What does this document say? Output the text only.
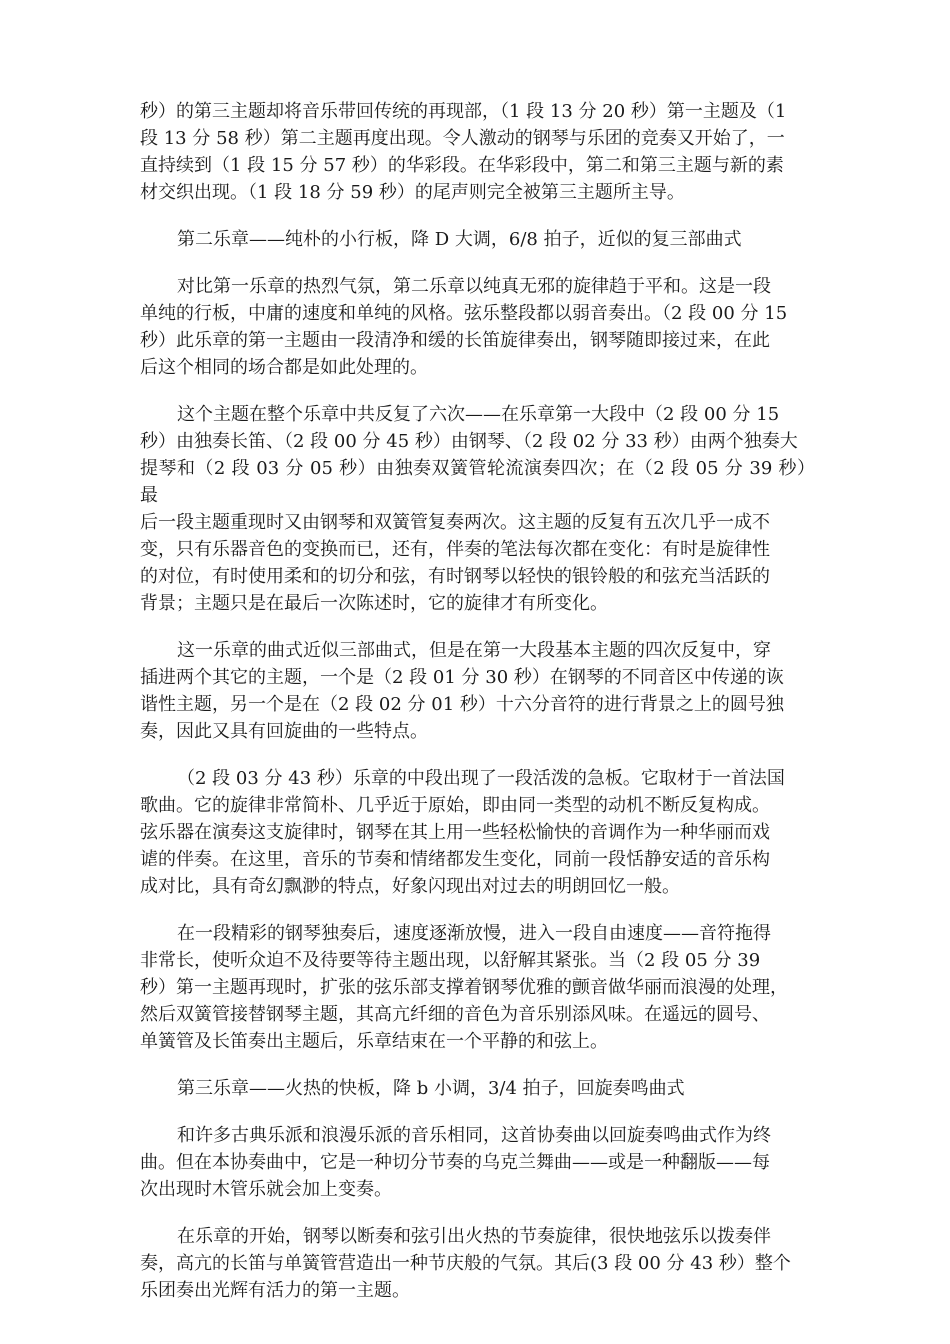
秒）的第三主题却将音乐带回传统的再现部，（1 段 13 分 20 秒）第一主题及（1
段 13 分 58 秒）第二主题再度出现。令人激动的钢琴与乐团的竞奏又开始了，一
直持续到（1 段 15 分 57 秒）的华彩段。在华彩段中，第二和第三主题与新的素
材交织出现。（1 段 18 分 59 秒）的尾声则完全被第三主题所主导。

第二乐章——纯朴的小行板，降 D 大调，6/8 拍子，近似的复三部曲式

对比第一乐章的热烈气氛，第二乐章以纯真无邪的旋律趋于平和。这是一段
单纯的行板，中庸的速度和单纯的风格。弦乐整段都以弱音奏出。（2 段 00 分 15
秒）此乐章的第一主题由一段清净和缓的长笛旋律奏出，钢琴随即接过来，在此
后这个相同的场合都是如此处理的。

这个主题在整个乐章中共反复了六次——在乐章第一大段中（2 段 00 分 15
秒）由独奏长笛、（2 段 00 分 45 秒）由钢琴、（2 段 02 分 33 秒）由两个独奏大
提琴和（2 段 03 分 05 秒）由独奏双簧管轮流演奏四次；在（2 段 05 分 39 秒）最
后一段主题重现时又由钢琴和双簧管复奏两次。这主题的反复有五次几乎一成不
变，只有乐器音色的变换而已，还有，伴奏的笔法每次都在变化：有时是旋律性
的对位，有时使用柔和的切分和弦，有时钢琴以轻快的银铃般的和弦充当活跃的
背景；主题只是在最后一次陈述时，它的旋律才有所变化。

这一乐章的曲式近似三部曲式，但是在第一大段基本主题的四次反复中，穿
插进两个其它的主题，一个是（2 段 01 分 30 秒）在钢琴的不同音区中传递的诙
谐性主题，另一个是在（2 段 02 分 01 秒）十六分音符的进行背景之上的圆号独
奏，因此又具有回旋曲的一些特点。

（2 段 03 分 43 秒）乐章的中段出现了一段活泼的急板。它取材于一首法国
歌曲。它的旋律非常简朴、几乎近于原始，即由同一类型的动机不断反复构成。
弦乐器在演奏这支旋律时，钢琴在其上用一些轻松愉快的音调作为一种华丽而戏
谑的伴奏。在这里，音乐的节奏和情绪都发生变化，同前一段恬静安适的音乐构
成对比，具有奇幻飘渺的特点，好象闪现出对过去的明朗回忆一般。

在一段精彩的钢琴独奏后，速度逐渐放慢，进入一段自由速度——音符拖得
非常长，使听众迫不及待要等待主题出现，以舒解其紧张。当（2 段 05 分 39
秒）第一主题再现时，扩张的弦乐部支撑着钢琴优雅的颤音做华丽而浪漫的处理，
然后双簧管接替钢琴主题，其高亢纤细的音色为音乐别添风味。在遥远的圆号、
单簧管及长笛奏出主题后，乐章结束在一个平静的和弦上。

第三乐章——火热的快板，降 b 小调，3/4 拍子，回旋奏鸣曲式

和许多古典乐派和浪漫乐派的音乐相同，这首协奏曲以回旋奏鸣曲式作为终
曲。但在本协奏曲中，它是一种切分节奏的乌克兰舞曲——或是一种翻版——每
次出现时木管乐就会加上变奏。

在乐章的开始，钢琴以断奏和弦引出火热的节奏旋律，很快地弦乐以拨奏伴
奏，高亢的长笛与单簧管营造出一种节庆般的气氛。其后(3 段 00 分 43 秒）整个
乐团奏出光辉有活力的第一主题。
